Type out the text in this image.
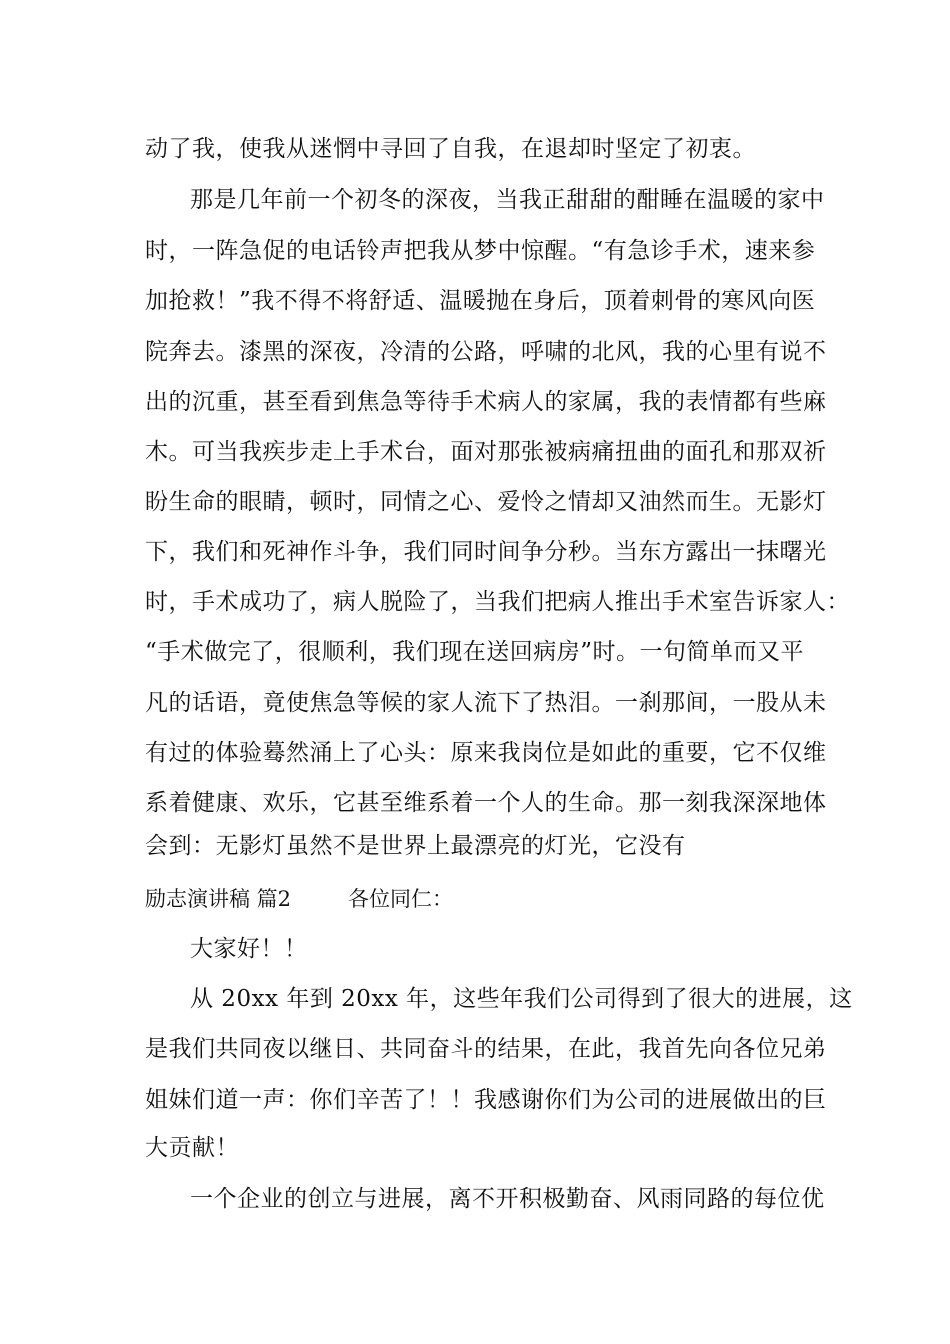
动了我，使我从迷惘中寻回了自我，在退却时坚定了初衷。
那是几年前一个初冬的深夜，当我正甜甜的酣睡在温暖的家中
时，一阵急促的电话铃声把我从梦中惊醒。“有急诊手术，速来参
加抢救！”我不得不将舒适、温暖抛在身后，顶着刺骨的寒风向医
院奔去。漆黑的深夜，冷清的公路，呼啸的北风，我的心里有说不
出的沉重，甚至看到焦急等待手术病人的家属，我的表情都有些麻
木。可当我疾步走上手术台，面对那张被病痛扭曲的面孔和那双祈
盼生命的眼睛，顿时，同情之心、爱怜之情却又油然而生。无影灯
下，我们和死神作斗争，我们同时间争分秒。当东方露出一抹曙光
时，手术成功了，病人脱险了，当我们把病人推出手术室告诉家人：
“手术做完了，很顺利，我们现在送回病房”时。一句简单而又平
凡的话语，竟使焦急等候的家人流下了热泪。一刹那间，一股从未
有过的体验蓦然涌上了心头：原来我岗位是如此的重要，它不仅维
系着健康、欢乐，它甚至维系着一个人的生命。那一刻我深深地体
会到：无影灯虽然不是世界上最漂亮的灯光，它没有
励志演讲稿 篇2	各位同仁：
大家好！！
从 20xx 年到 20xx 年，这些年我们公司得到了很大的进展，这
是我们共同夜以继日、共同奋斗的结果，在此，我首先向各位兄弟
姐妹们道一声：你们辛苦了！！我感谢你们为公司的进展做出的巨
大贡献！
一个企业的创立与进展，离不开积极勤奋、风雨同路的每位优
